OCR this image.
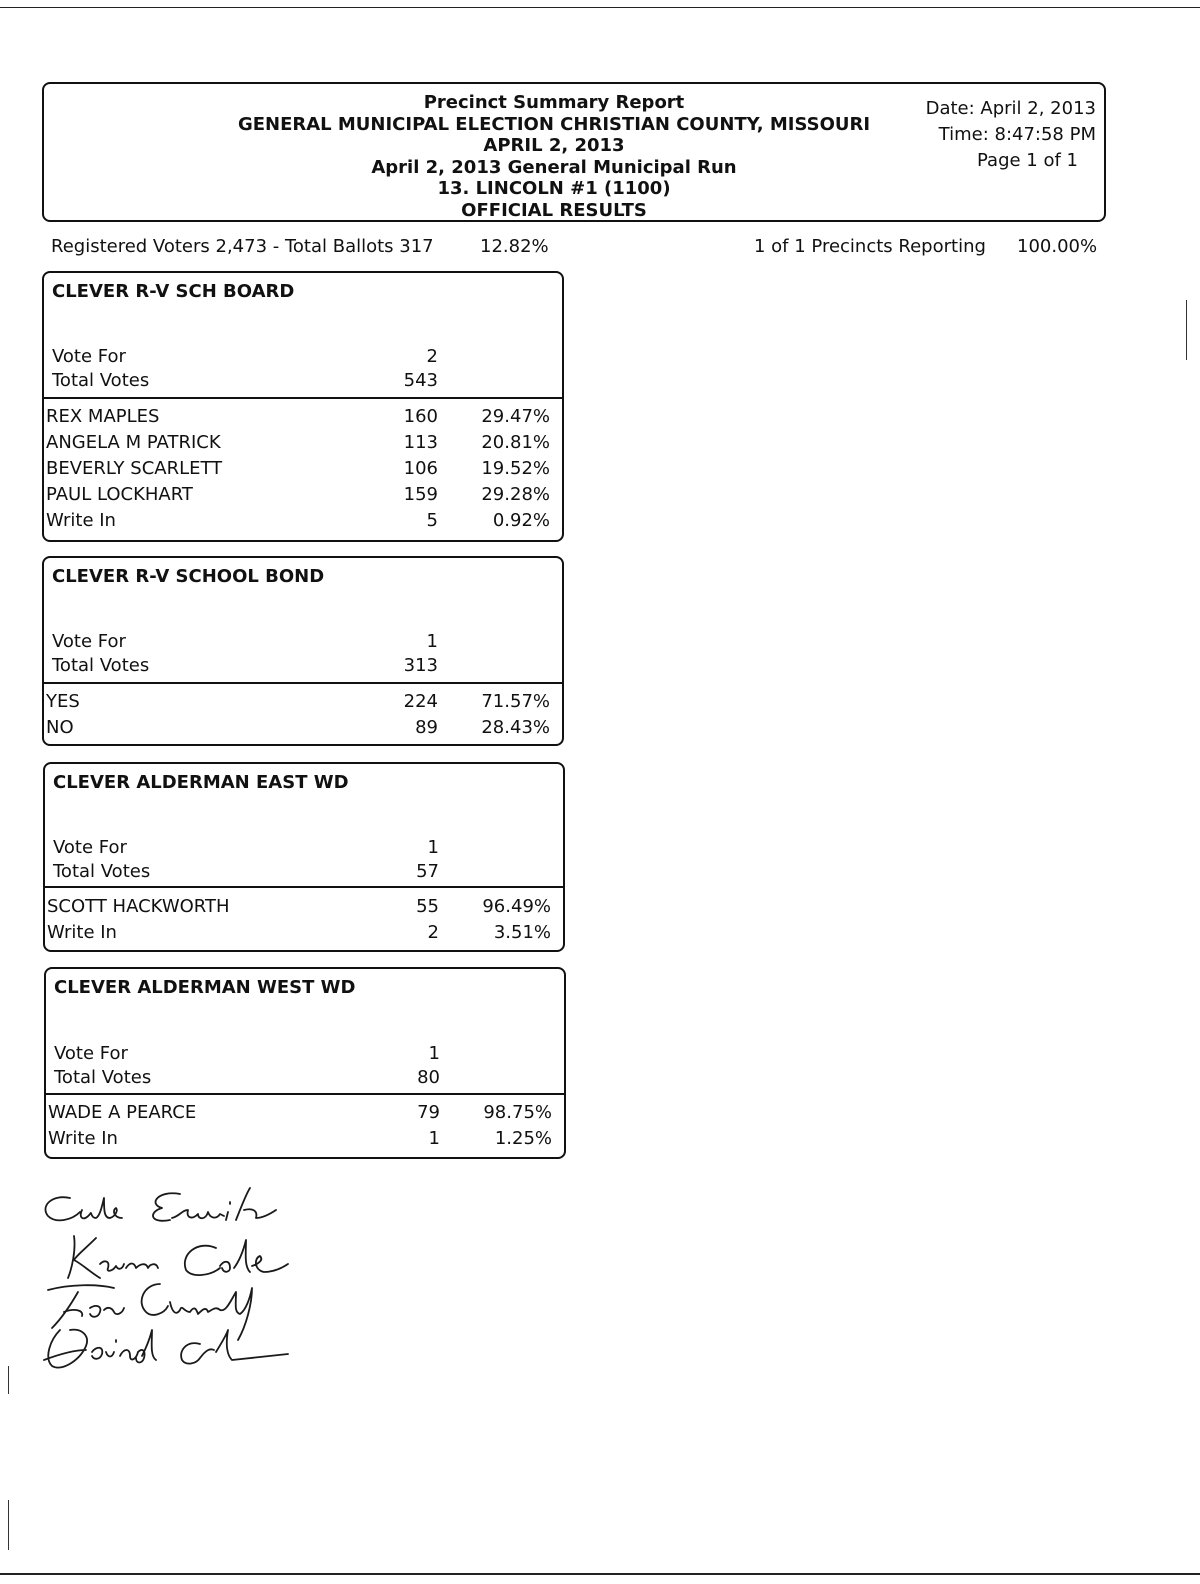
Precinct Summary Report
GENERAL MUNICIPAL ELECTION CHRISTIAN COUNTY, MISSOURI
APRIL 2, 2013
April 2, 2013 General Municipal Run
13. LINCOLN #1 (1100)
OFFICIAL RESULTS
Date: April 2, 2013
Time: 8:47:58 PM
Page 1 of 1
Registered Voters 2,473 - Total Ballots 317	12.82%	1 of 1 Precincts Reporting 100.00%
CLEVER R-V SCH BOARD
Vote For	2
Total Votes	543
REX MAPLES	160 29.47%
ANGELA M PATRICK	113 20.81%
BEVERLY SCARLETT	106 19.52%
PAUL LOCKHART	159 29.28%
Write In	5	0.92%
CLEVER R-V SCHOOL BOND
Vote For	1
Total Votes	313
YES	224 71.57%
NO	89 28.43%
CLEVER ALDERMAN EAST WD
Vote For	1
Total Votes	57
SCOTT HACKWORTH	55 96.49%
Write In	2	3.51%
CLEVER ALDERMAN WEST WD
Vote For	1
Total Votes	80
WADE A PEARCE	79 98.75%
Write In	1	1.25%
